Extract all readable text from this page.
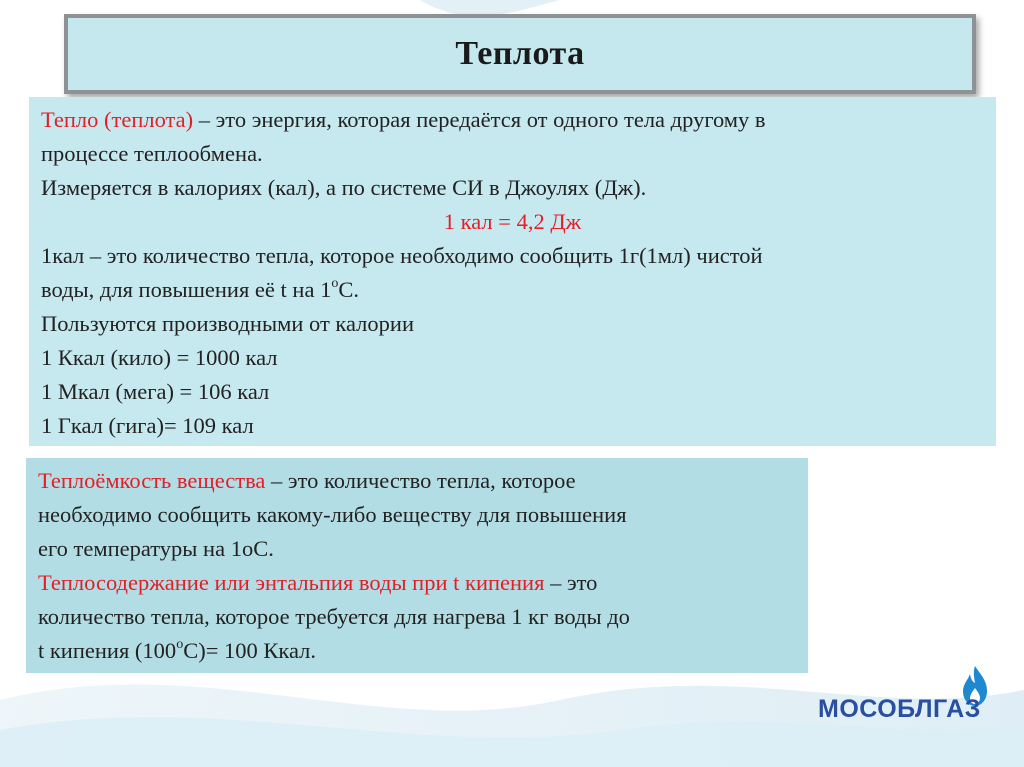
Теплота
Тепло (теплота) – это энергия, которая передаётся от одного тела другому в
процессе теплообмена.
Измеряется в калориях (кал), а по системе СИ в Джоулях (Дж).
1 кал = 4,2 Дж
1кал – это количество тепла, которое необходимо сообщить 1г(1мл) чистой
воды, для повышения её t на 1$^o$С.
Пользуются производными от калории
1 Ккал (кило) = 1000 кал
1 Мкал (мега) = 106 кал
1 Гкал (гига)= 109 кал
Теплоёмкость вещества – это количество тепла, которое
необходимо сообщить какому-либо веществу для повышения
его температуры на 1оС.
Теплосодержание или энтальпия воды при t кипения – это
количество тепла, которое требуется для нагрева 1 кг воды до
t кипения $(100^оС)= 100$ Ккал.
МОСОБЛГАЗ
